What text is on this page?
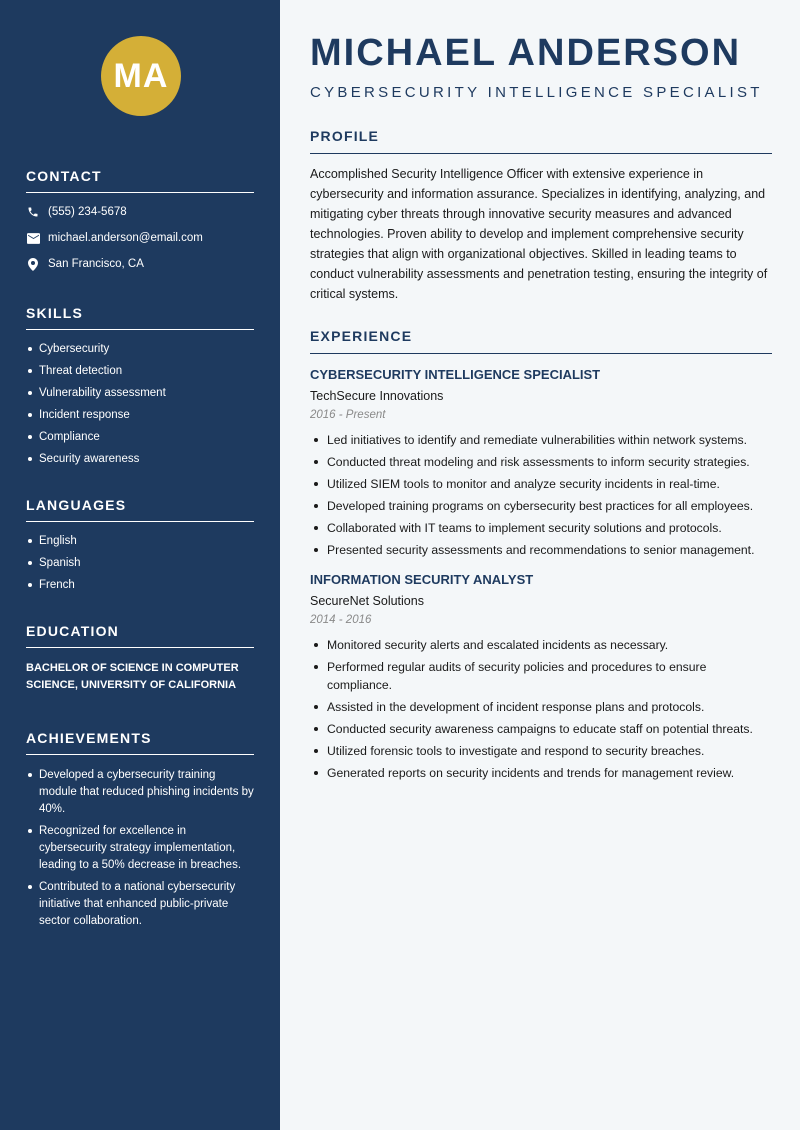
MA
CONTACT
(555) 234-5678
michael.anderson@email.com
San Francisco, CA
SKILLS
Cybersecurity
Threat detection
Vulnerability assessment
Incident response
Compliance
Security awareness
LANGUAGES
English
Spanish
French
EDUCATION
BACHELOR OF SCIENCE IN COMPUTER SCIENCE, UNIVERSITY OF CALIFORNIA
ACHIEVEMENTS
Developed a cybersecurity training module that reduced phishing incidents by 40%.
Recognized for excellence in cybersecurity strategy implementation, leading to a 50% decrease in breaches.
Contributed to a national cybersecurity initiative that enhanced public-private sector collaboration.
MICHAEL ANDERSON
CYBERSECURITY INTELLIGENCE SPECIALIST
PROFILE

Accomplished Security Intelligence Officer with extensive experience in cybersecurity and information assurance. Specializes in identifying, analyzing, and mitigating cyber threats through innovative security measures and advanced technologies. Proven ability to develop and implement comprehensive security strategies that align with organizational objectives. Skilled in leading teams to conduct vulnerability assessments and penetration testing, ensuring the integrity of critical systems.

EXPERIENCE
CYBERSECURITY INTELLIGENCE SPECIALIST
TechSecure Innovations
2016 - Present
Led initiatives to identify and remediate vulnerabilities within network systems.
Conducted threat modeling and risk assessments to inform security strategies.
Utilized SIEM tools to monitor and analyze security incidents in real-time.
Developed training programs on cybersecurity best practices for all employees.
Collaborated with IT teams to implement security solutions and protocols.
Presented security assessments and recommendations to senior management.
INFORMATION SECURITY ANALYST
SecureNet Solutions
2014 - 2016
Monitored security alerts and escalated incidents as necessary.
Performed regular audits of security policies and procedures to ensure compliance.
Assisted in the development of incident response plans and protocols.
Conducted security awareness campaigns to educate staff on potential threats.
Utilized forensic tools to investigate and respond to security breaches.
Generated reports on security incidents and trends for management review.
